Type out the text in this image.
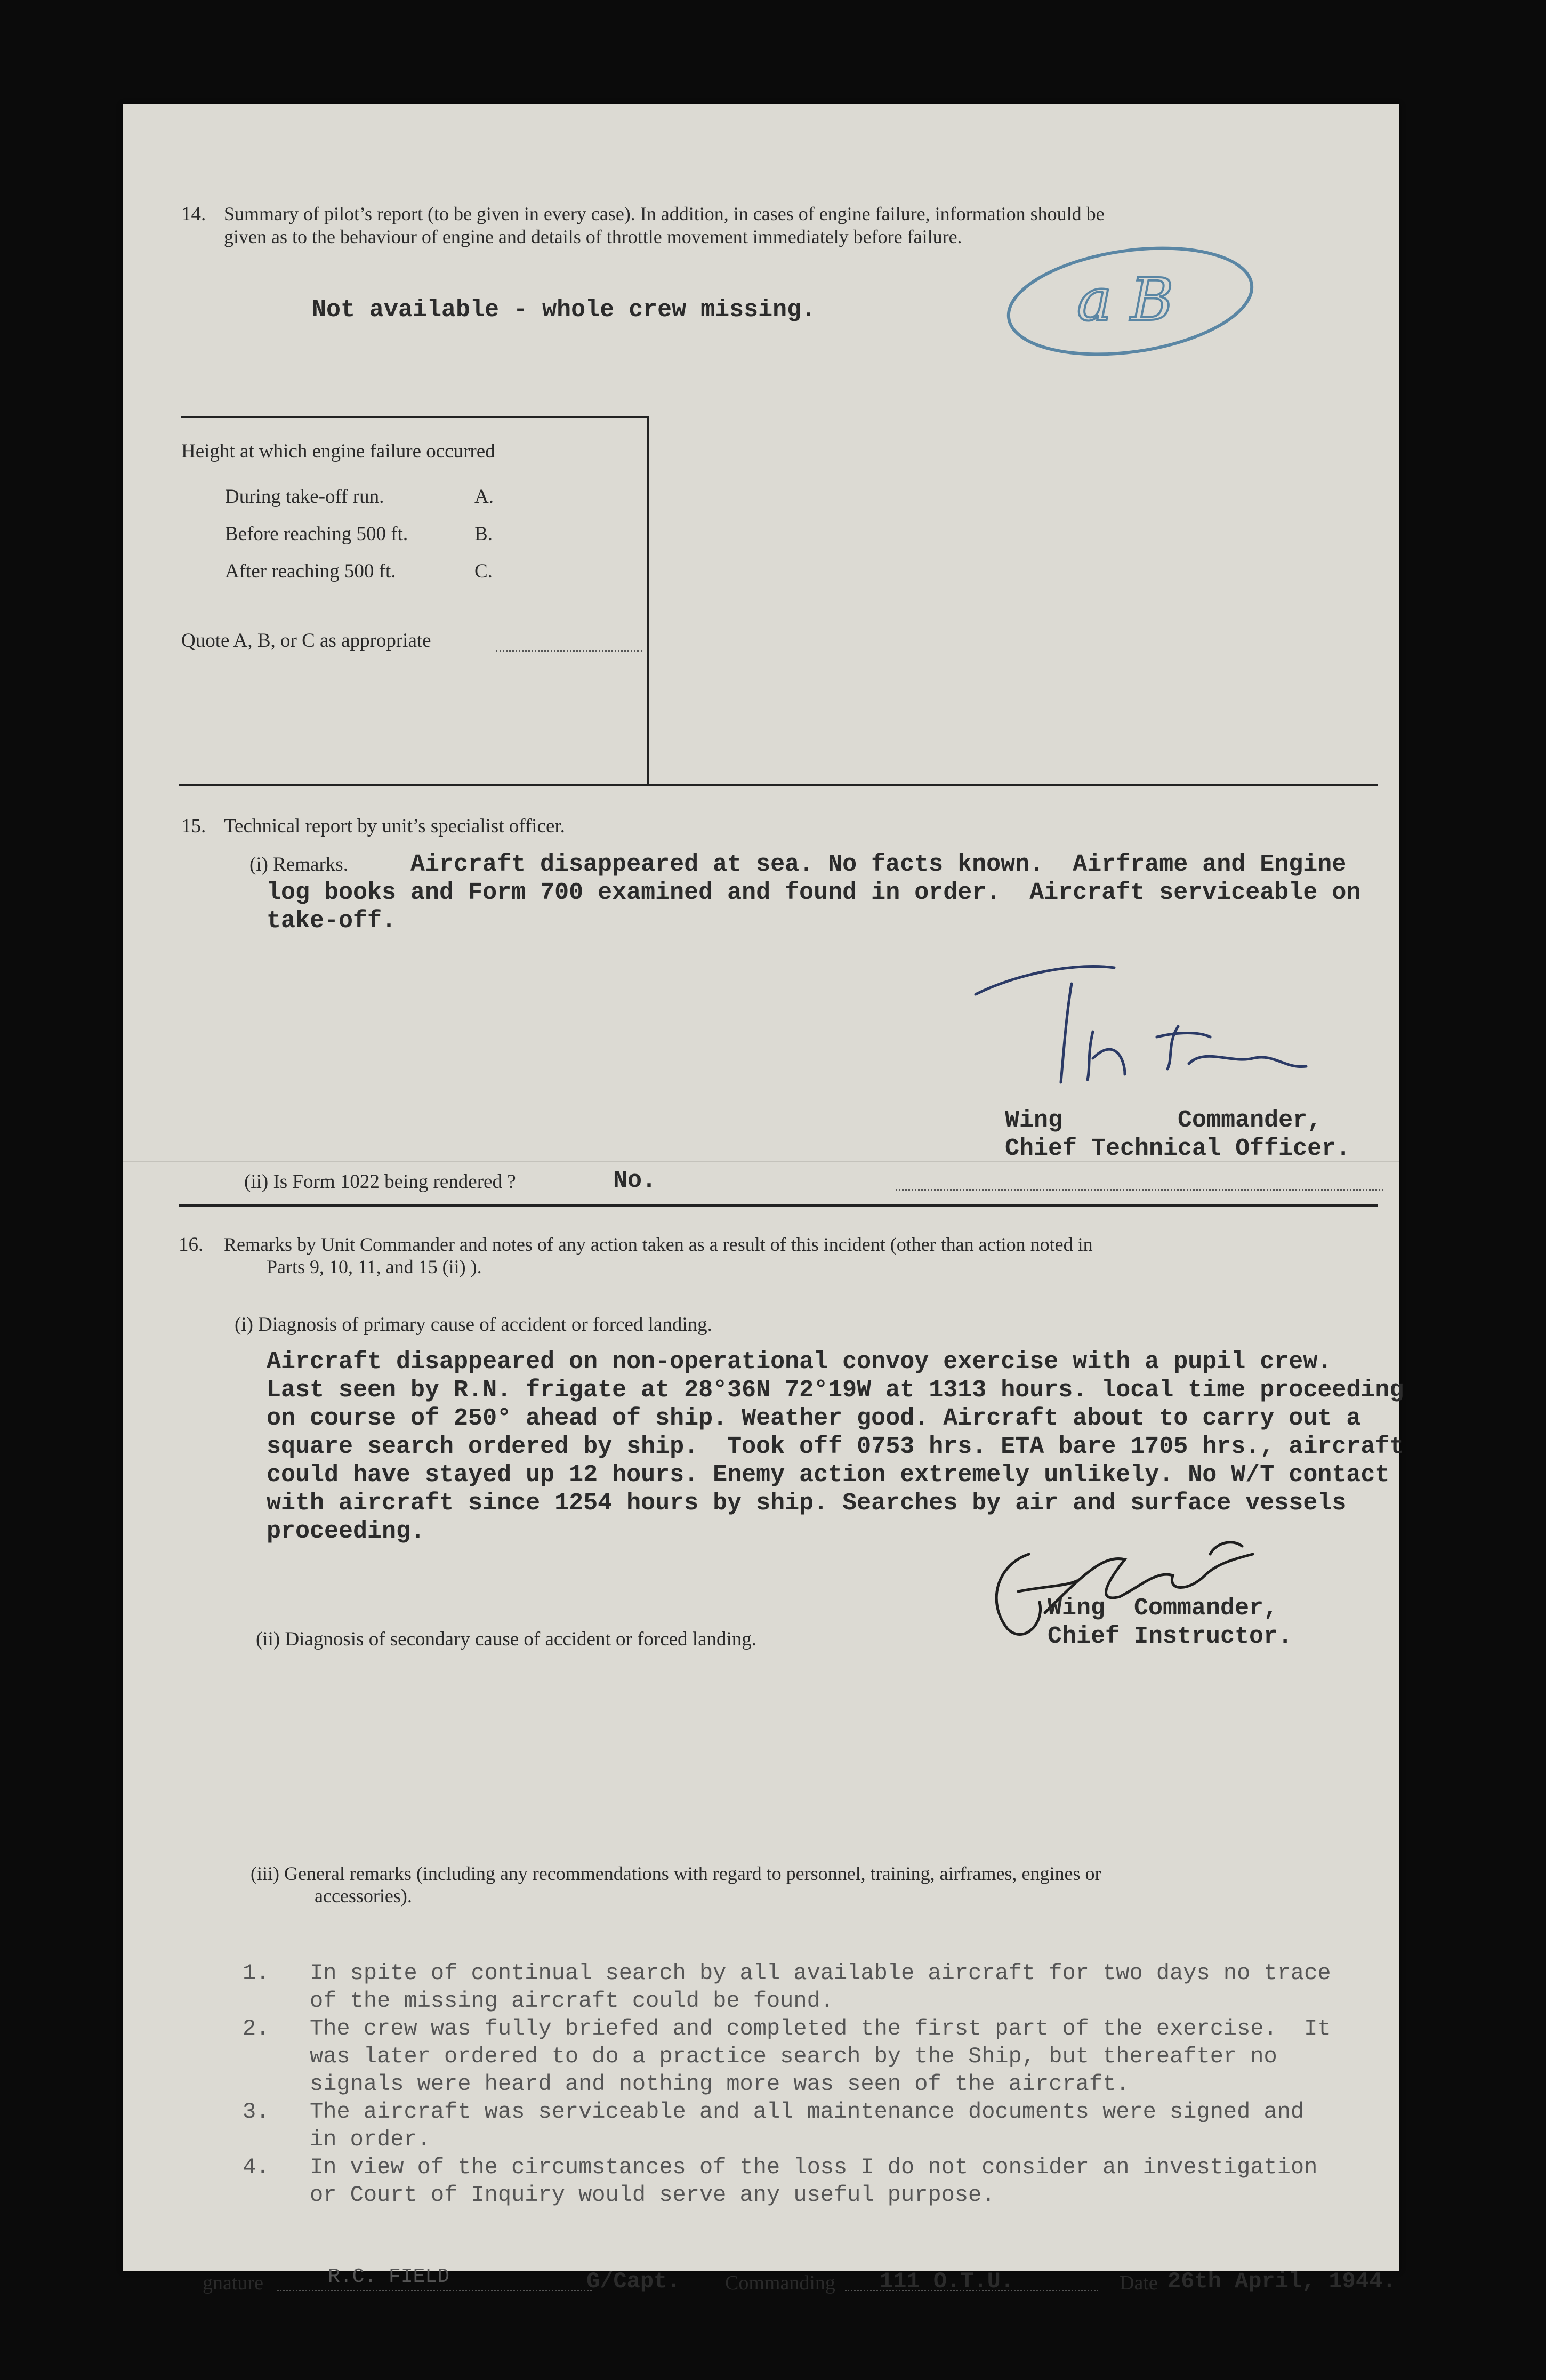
14. Summary of pilot’s report (to be given in every case). In addition, in cases of engine failure, information should be
given as to the behaviour of engine and details of throttle movement immediately before failure.
Not available - whole crew missing.	a B
Height at which engine failure occurred
During take-off run.	A.
Before reaching 500 ft.	B.
After reaching 500 ft.	C.
Quote A, B, or C as appropriate
15. Technical report by unit’s specialist officer.
(i) Remarks.	Aircraft disappeared at sea. No facts known.  Airframe and Engine
log books and Form 700 examined and found in order.  Aircraft serviceable on
take-off.
Wing        Commander,
Chief Technical Officer.
(ii) Is Form 1022 being rendered ?	No.
16. Remarks by Unit Commander and notes of any action taken as a result of this incident (other than action noted in
Parts 9, 10, 11, and 15 (ii) ).
(i) Diagnosis of primary cause of accident or forced landing.
Aircraft disappeared on non-operational convoy exercise with a pupil crew.
Last seen by R.N. frigate at 28°36N 72°19W at 1313 hours. local time proceeding
on course of 250° ahead of ship. Weather good. Aircraft about to carry out a
square search ordered by ship.  Took off 0753 hrs. ETA bare 1705 hrs., aircraft
could have stayed up 12 hours. Enemy action extremely unlikely. No W/T contact
with aircraft since 1254 hours by ship. Searches by air and surface vessels
proceeding.
Wing  Commander,
Chief Instructor.
(ii) Diagnosis of secondary cause of accident or forced landing.
(iii) General remarks (including any recommendations with regard to personnel, training, airframes, engines or
accessories).
1.   In spite of continual search by all available aircraft for two days no trace
of the missing aircraft could be found.
2.   The crew was fully briefed and completed the first part of the exercise.  It
was later ordered to do a practice search by the Ship, but thereafter no
signals were heard and nothing more was seen of the aircraft.
3.   The aircraft was serviceable and all maintenance documents were signed and
in order.
4.   In view of the circumstances of the loss I do not consider an investigation
or Court of Inquiry would serve any useful purpose.
gnature	R.C. FIELD	G/Capt. Commanding 111 O.T.U.	Date 26th April, 1944.
